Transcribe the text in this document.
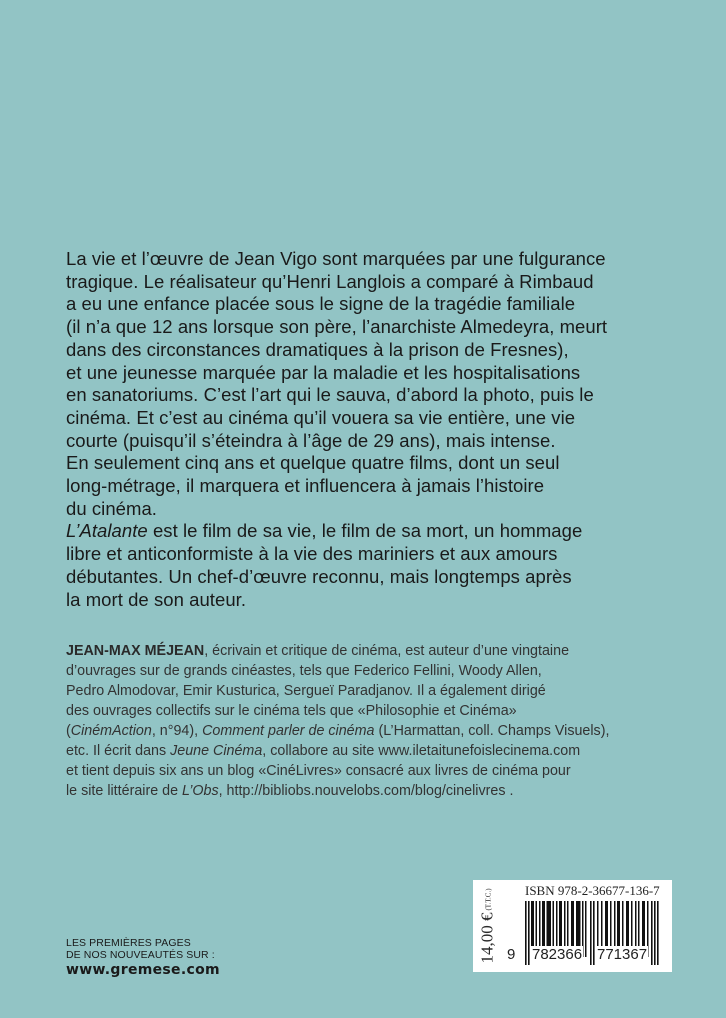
La vie et l’œuvre de Jean Vigo sont marquées par une fulgurance
tragique. Le réalisateur qu’Henri Langlois a comparé à Rimbaud
a eu une enfance placée sous le signe de la tragédie familiale
(il n’a que 12 ans lorsque son père, l’anarchiste Almedeyra, meurt
dans des circonstances dramatiques à la prison de Fresnes),
et une jeunesse marquée par la maladie et les hospitalisations
en sanatoriums. C’est l’art qui le sauva, d’abord la photo, puis le
cinéma. Et c’est au cinéma qu’il vouera sa vie entière, une vie
courte (puisqu’il s’éteindra à l’âge de 29 ans), mais intense.
En seulement cinq ans et quelque quatre films, dont un seul
long-métrage, il marquera et influencera à jamais l’histoire
du cinéma.
L’Atalante est le film de sa vie, le film de sa mort, un hommage
libre et anticonformiste à la vie des mariniers et aux amours
débutantes. Un chef-d’œuvre reconnu, mais longtemps après
la mort de son auteur.
JEAN-MAX MÉJEAN, écrivain et critique de cinéma, est auteur d’une vingtaine
d’ouvrages sur de grands cinéastes, tels que Federico Fellini, Woody Allen,
Pedro Almodovar, Emir Kusturica, Sergueï Paradjanov. Il a également dirigé
des ouvrages collectifs sur le cinéma tels que «Philosophie et Cinéma»
(CinémAction, n°94), Comment parler de cinéma (L’Harmattan, coll. Champs Visuels),
etc. Il écrit dans Jeune Cinéma, collabore au site www.iletaitunefoislecinema.com
et tient depuis six ans un blog «CinéLivres» consacré aux livres de cinéma pour
le site littéraire de L’Obs, http://bibliobs.nouvelobs.com/blog/cinelivres .
LES PREMIÈRES PAGES
DE NOS NOUVEAUTÉS SUR :
www.gremese.com
14,00 €(T.T.C.)	ISBN 978-2-36677-136-7
9 782366 771367
